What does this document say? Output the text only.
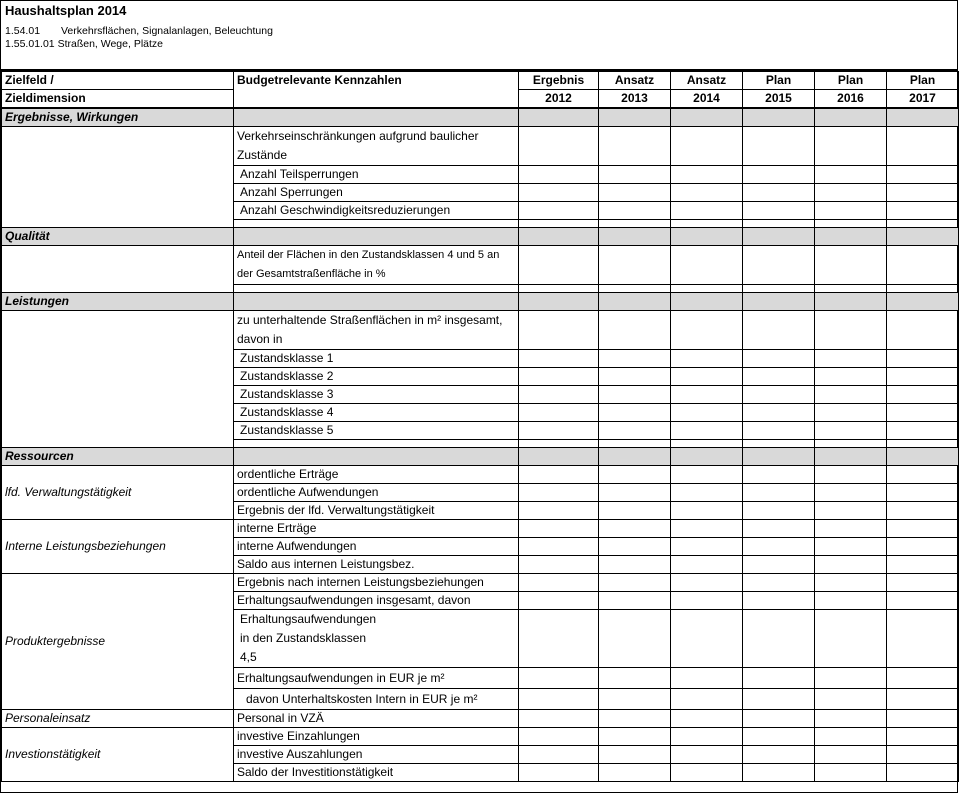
Haushaltsplan 2014
1.54.01 Verkehrsflächen, Signalanlagen, Beleuchtung
1.55.01.01 Straßen, Wege, Plätze
Zielfeld /	Budgetrelevante Kennzahlen	Ergebnis	Ansatz	Ansatz	Plan	Plan	Plan
Zieldimension		2012	2013	2014	2015	2016	2017
Ergebnisse, Wirkungen							
	Verkehrseinschränkungen aufgrund baulicher Zustände						
	Anzahl Teilsperrungen						
	Anzahl Sperrungen						
	Anzahl Geschwindigkeitsreduzierungen						

Qualität							
	Anteil der Flächen in den Zustandsklassen 4 und 5 an der Gesamtstraßenfläche in %						

Leistungen							
	zu unterhaltende Straßenflächen in m² insgesamt, davon in						
	Zustandsklasse 1						
	Zustandsklasse 2						
	Zustandsklasse 3						
	Zustandsklasse 4						
	Zustandsklasse 5						

Ressourcen							
lfd. Verwaltungstätigkeit	ordentliche Erträge						
	ordentliche Aufwendungen						
	Ergebnis der lfd. Verwaltungstätigkeit						
Interne Leistungsbeziehungen	interne Erträge						
	interne Aufwendungen						
	Saldo aus internen Leistungsbez.						
Produktergebnisse	Ergebnis nach internen Leistungsbeziehungen						
	Erhaltungsaufwendungen insgesamt, davon						
	Erhaltungsaufwendungen in den Zustandsklassen 4,5						
	Erhaltungsaufwendungen in EUR je m²						
	davon Unterhaltskosten Intern in EUR je m²						
Personaleinsatz	Personal in VZÄ						
Investionstätigkeit	investive Einzahlungen						
	investive Auszahlungen						
	Saldo der Investitionstätigkeit						
